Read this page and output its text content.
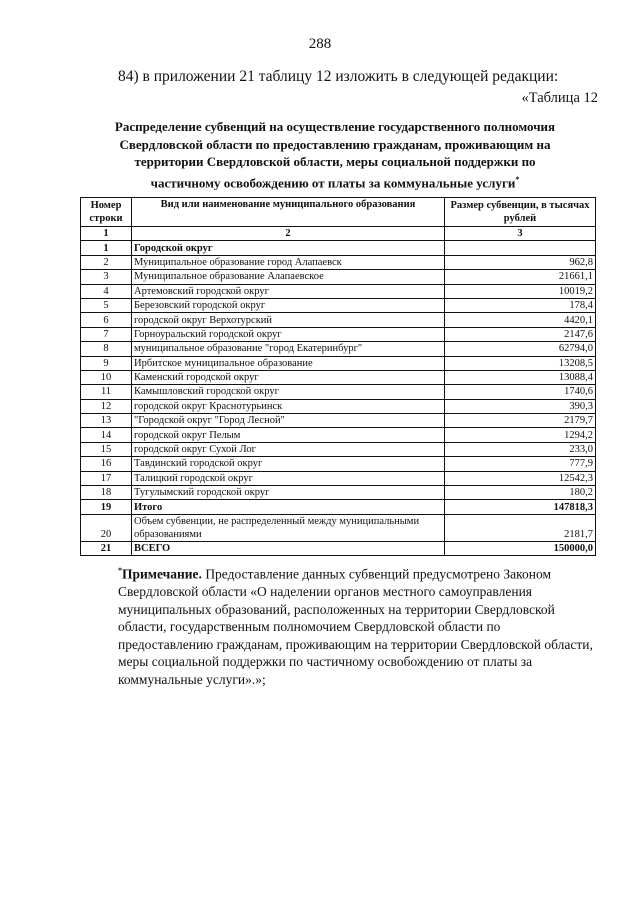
288
84) в приложении 21 таблицу 12 изложить в следующей редакции:
«Таблица 12
Распределение субвенций на осуществление государственного полномочия Свердловской области по предоставлению гражданам, проживающим на территории Свердловской области, меры социальной поддержки по частичному освобождению от платы за коммунальные услуги*
Номер строки	Вид или наименование муниципального образования	Размер субвенции, в тысячах рублей
1	2	3
1	Городской округ	
2	Муниципальное образование город Алапаевск	962,8
3	Муниципальное образование Алапаевское	21661,1
4	Артемовский городской округ	10019,2
5	Березовский городской округ	178,4
6	городской округ Верхотурский	4420,1
7	Горноуральский городской округ	2147,6
8	муниципальное образование "город Екатеринбург"	62794,0
9	Ирбитское муниципальное образование	13208,5
10	Каменский городской округ	13088,4
11	Камышловский городской округ	1740,6
12	городской округ Краснотурьинск	390,3
13	"Городской округ "Город Лесной"	2179,7
14	городской округ Пелым	1294,2
15	городской округ Сухой Лог	233,0
16	Тавдинский городской округ	777,9
17	Талицкий городской округ	12542,3
18	Тугулымский городской округ	180,2
19	Итого	147818,3
20	Объем субвенции, не распределенный между муниципальными образованиями	2181,7
21	ВСЕГО	150000,0
*Примечание. Предоставление данных субвенций предусмотрено Законом Свердловской области «О наделении органов местного самоуправления муниципальных образований, расположенных на территории Свердловской области, государственным полномочием Свердловской области по предоставлению гражданам, проживающим на территории Свердловской области, меры социальной поддержки по частичному освобождению от платы за коммунальные услуги».»;
